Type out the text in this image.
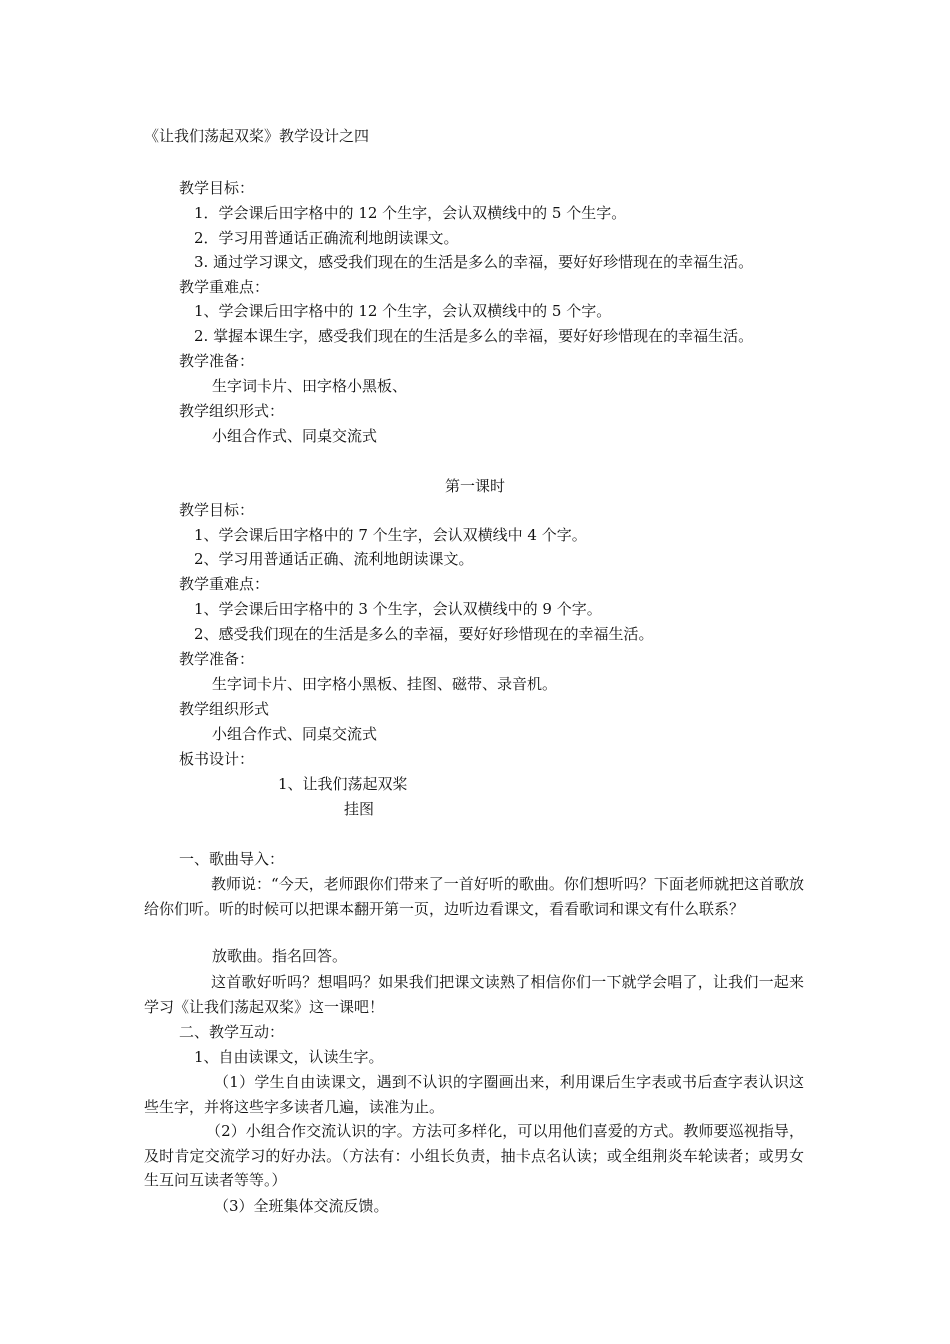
《让我们荡起双桨》教学设计之四
教学目标：
1．学会课后田字格中的 12 个生字，会认双横线中的 5 个生字。
2．学习用普通话正确流利地朗读课文。
3. 通过学习课文，感受我们现在的生活是多么的幸福，要好好珍惜现在的幸福生活。
教学重难点：
1、学会课后田字格中的 12 个生字，会认双横线中的 5 个字。
2. 掌握本课生字，感受我们现在的生活是多么的幸福，要好好珍惜现在的幸福生活。
教学准备：
生字词卡片、田字格小黑板、
教学组织形式：
小组合作式、同桌交流式
第一课时
教学目标：
1、学会课后田字格中的 7 个生字，会认双横线中 4 个字。
2、学习用普通话正确、流利地朗读课文。
教学重难点：
1、学会课后田字格中的 3 个生字，会认双横线中的 9 个字。
2、感受我们现在的生活是多么的幸福，要好好珍惜现在的幸福生活。
教学准备：
生字词卡片、田字格小黑板、挂图、磁带、录音机。
教学组织形式
小组合作式、同桌交流式
板书设计：
1、让我们荡起双桨
挂图
一、歌曲导入：
教师说：“今天，老师跟你们带来了一首好听的歌曲。你们想听吗？下面老师就把这首歌放给你们听。听的时候可以把课本翻开第一页，边听边看课文，看看歌词和课文有什么联系？
放歌曲。指名回答。
这首歌好听吗？想唱吗？如果我们把课文读熟了相信你们一下就学会唱了，让我们一起来学习《让我们荡起双桨》这一课吧！
二、教学互动：
1、自由读课文，认读生字。
（1）学生自由读课文，遇到不认识的字圈画出来，利用课后生字表或书后查字表认识这些生字，并将这些字多读者几遍，读准为止。
（2）小组合作交流认识的字。方法可多样化，可以用他们喜爱的方式。教师要巡视指导，及时肯定交流学习的好办法。（方法有：小组长负责，抽卡点名认读；或全组荆炎车轮读者；或男女生互问互读者等等。）
（3）全班集体交流反馈。
